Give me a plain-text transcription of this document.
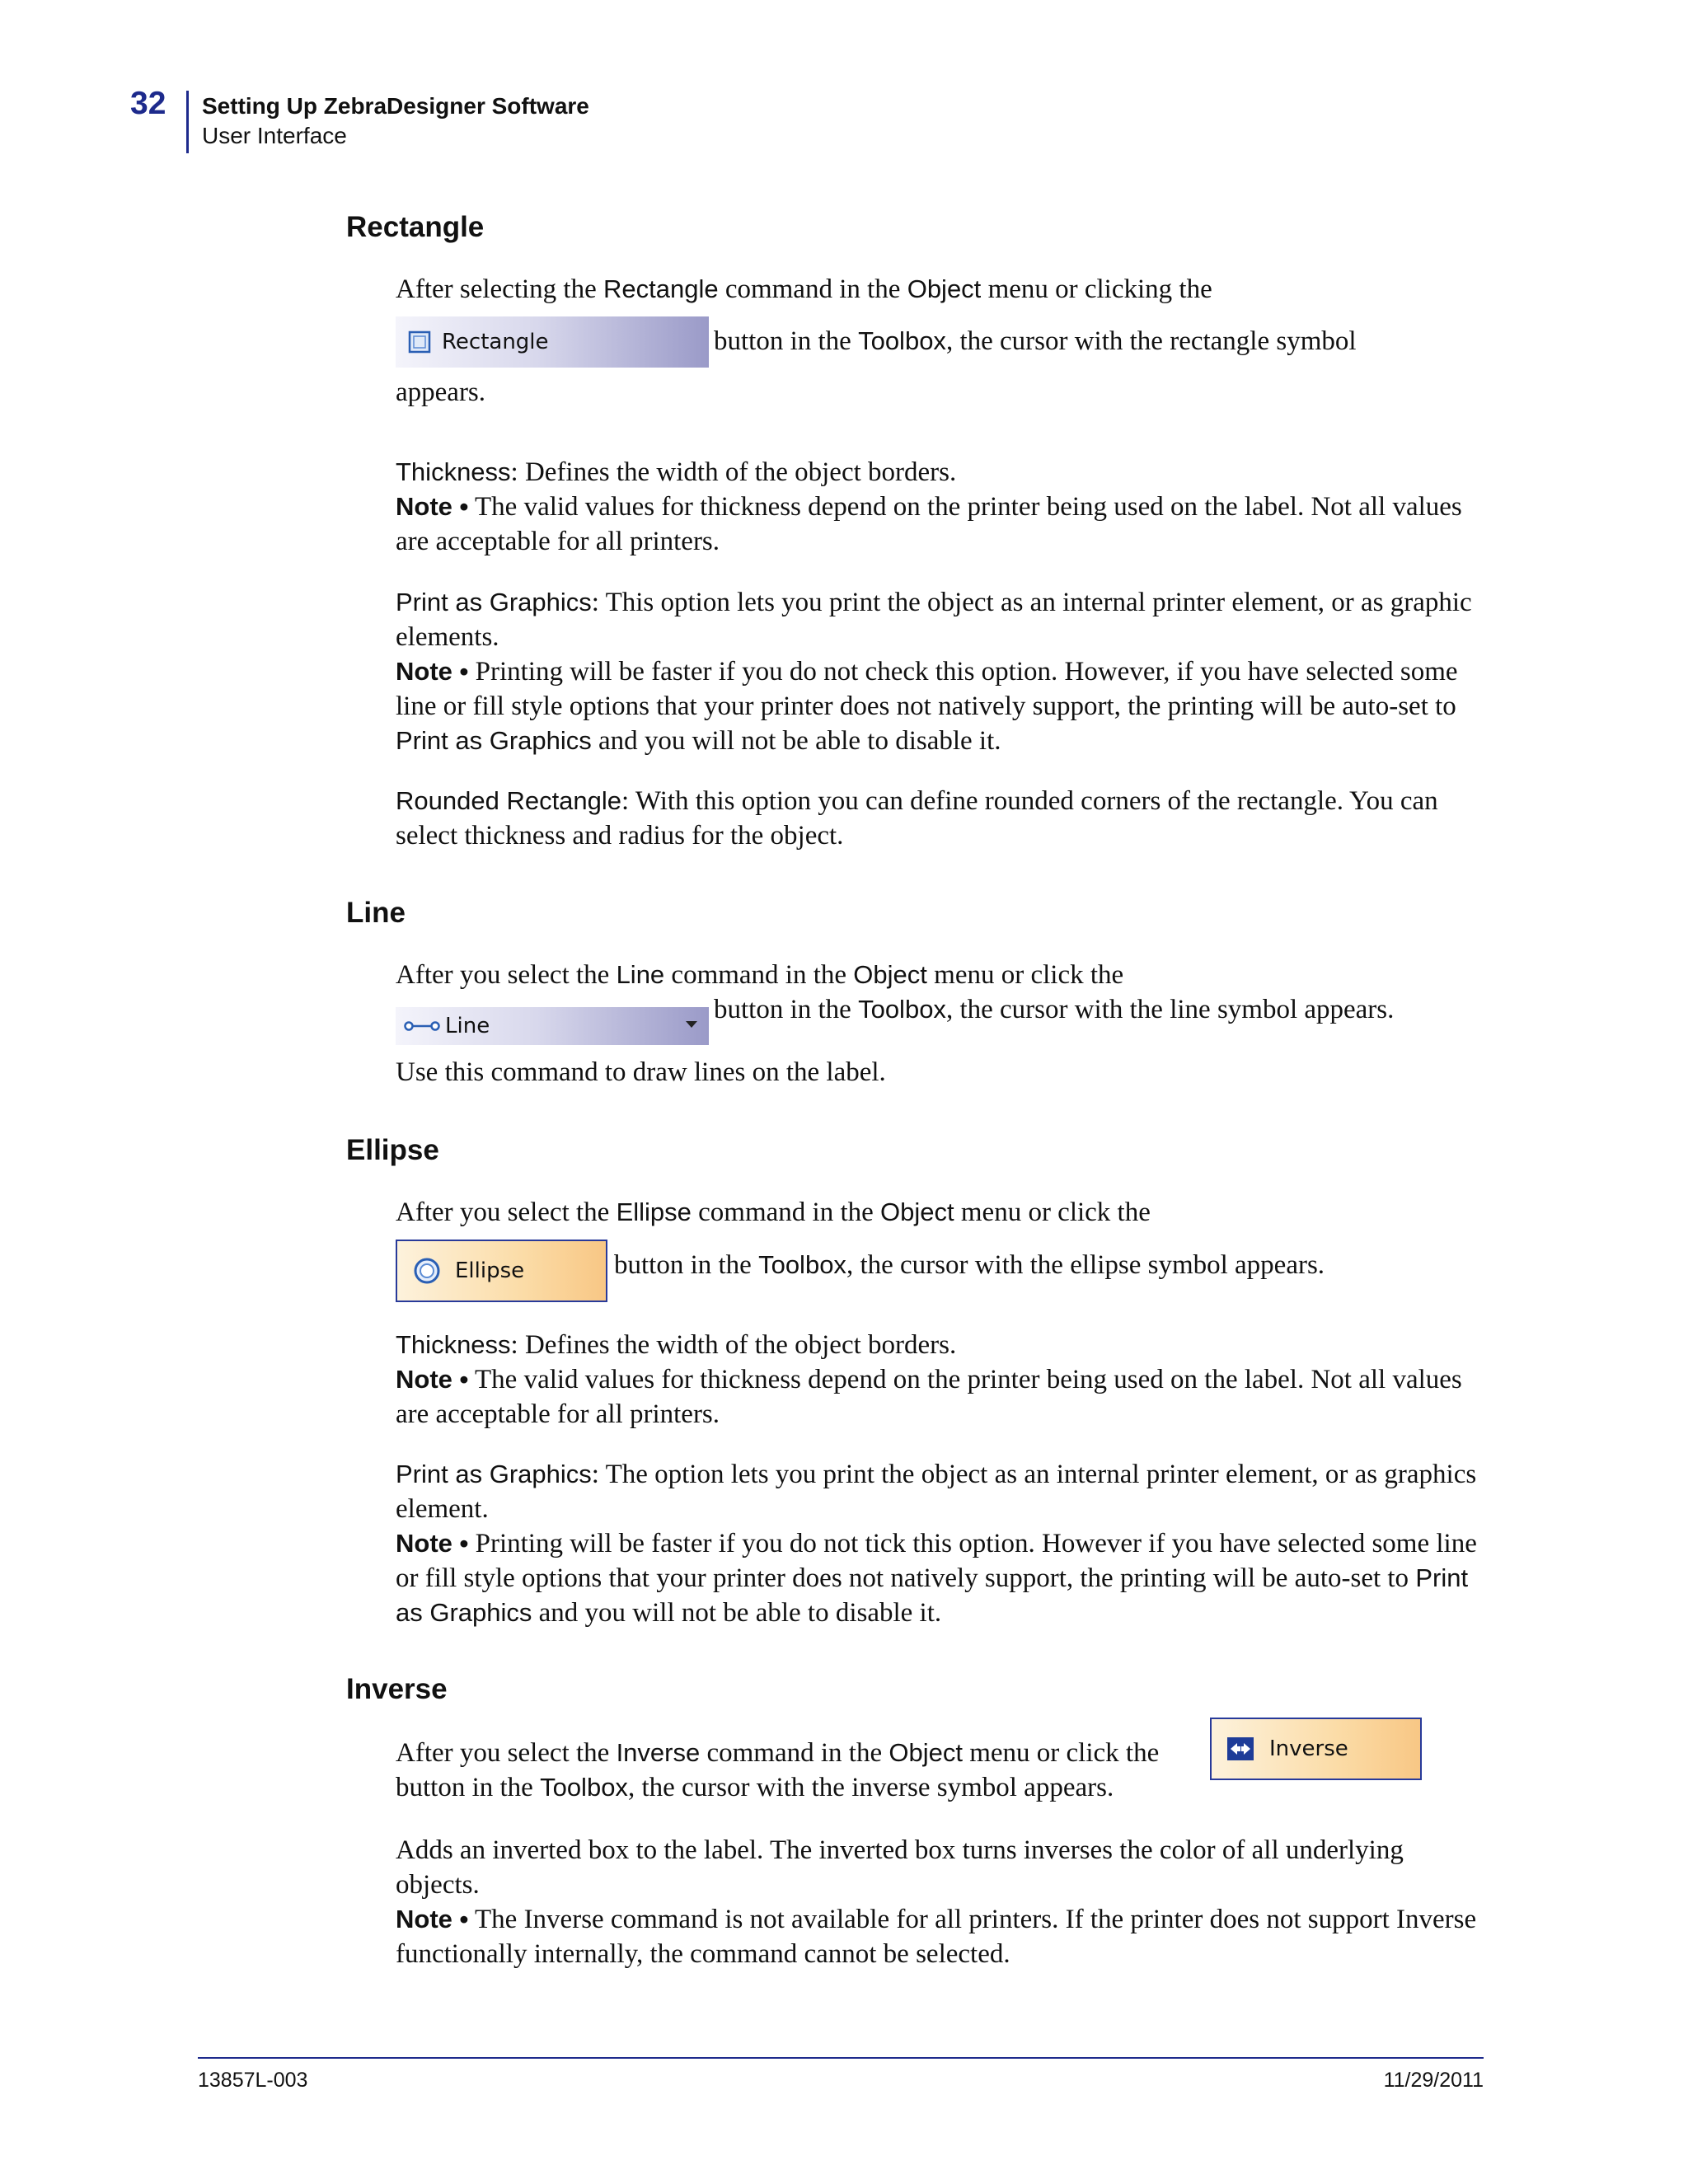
32 Setting Up ZebraDesigner Software
User Interface
Rectangle
After selecting the Rectangle command in the Object menu or clicking the
Rectangle	button in the Toolbox, the cursor with the rectangle symbol
appears.
Thickness: Defines the width of the object borders.
Note • The valid values for thickness depend on the printer being used on the label. Not all values are acceptable for all printers.
Print as Graphics: This option lets you print the object as an internal printer element, or as graphic elements.
Note • Printing will be faster if you do not check this option. However, if you have selected some line or fill style options that your printer does not natively support, the printing will be auto-set to Print as Graphics and you will not be able to disable it.
Rounded Rectangle: With this option you can define rounded corners of the rectangle. You can select thickness and radius for the object.
Line
After you select the Line command in the Object menu or click the
Line
button in the Toolbox, the cursor with the line symbol appears.
Use this command to draw lines on the label.
Ellipse
After you select the Ellipse command in the Object menu or click the
Ellipse	button in the Toolbox, the cursor with the ellipse symbol appears.
Thickness: Defines the width of the object borders.
Note • The valid values for thickness depend on the printer being used on the label. Not all values are acceptable for all printers.
Print as Graphics: The option lets you print the object as an internal printer element, or as graphics element.
Note • Printing will be faster if you do not tick this option. However if you have selected some line or fill style options that your printer does not natively support, the printing will be auto-set to Print as Graphics and you will not be able to disable it.
Inverse
After you select the Inverse command in the Object menu or click the	Inverse
button in the Toolbox, the cursor with the inverse symbol appears.
Adds an inverted box to the label. The inverted box turns inverses the color of all underlying objects.
Note • The Inverse command is not available for all printers. If the printer does not support Inverse functionally internally, the command cannot be selected.
13857L-003	11/29/2011
